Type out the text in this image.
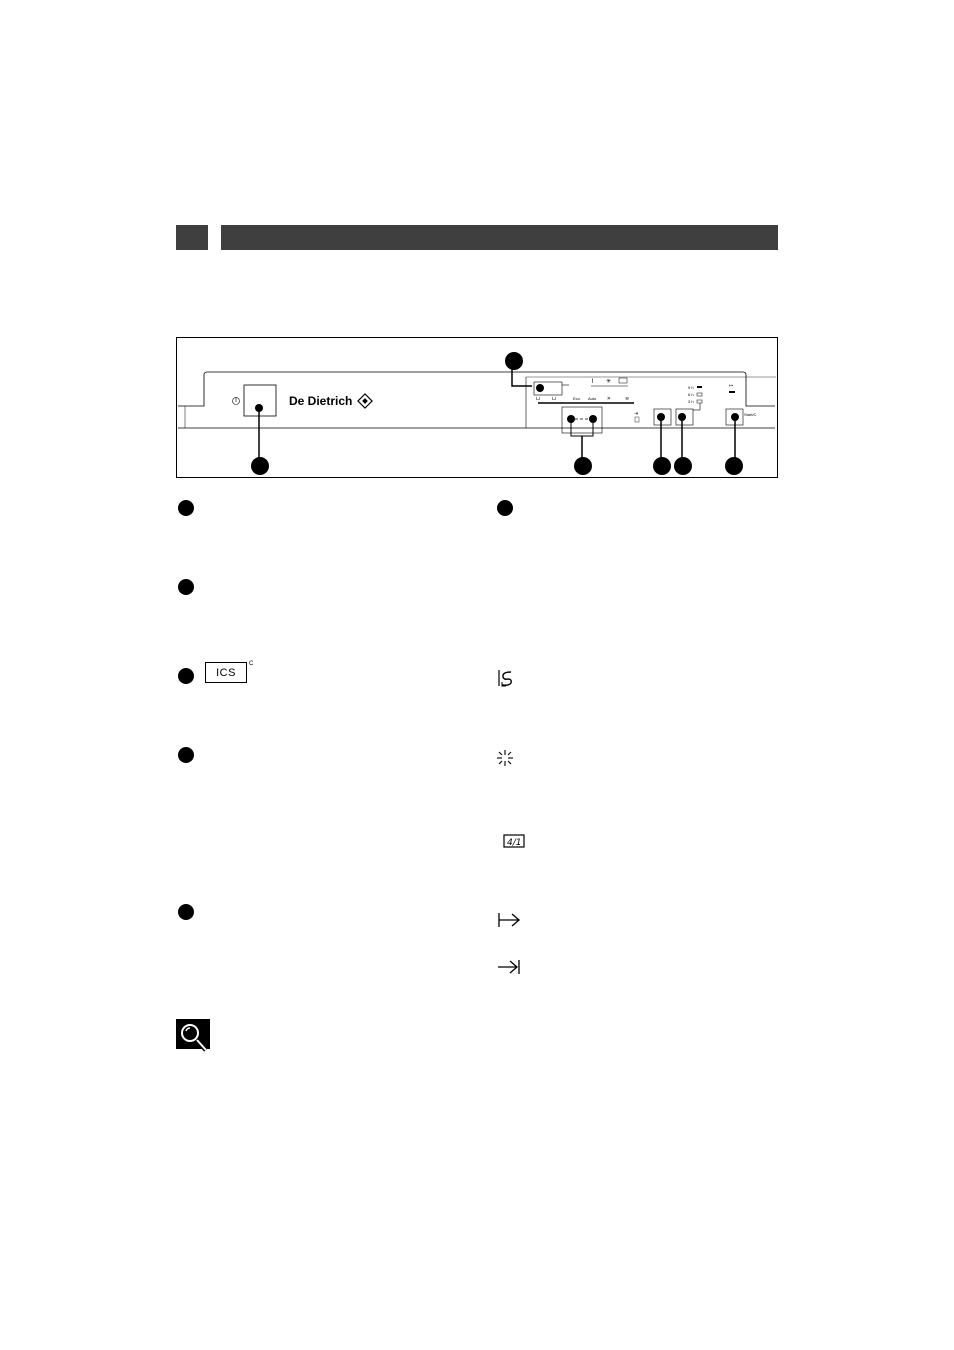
De Dietrich
⌇ ✳
⊔ ⊔	Eco Auto »	≋
⇥
9 h
6 h
3 h
↦
Start/C
ICS
C
4/1
